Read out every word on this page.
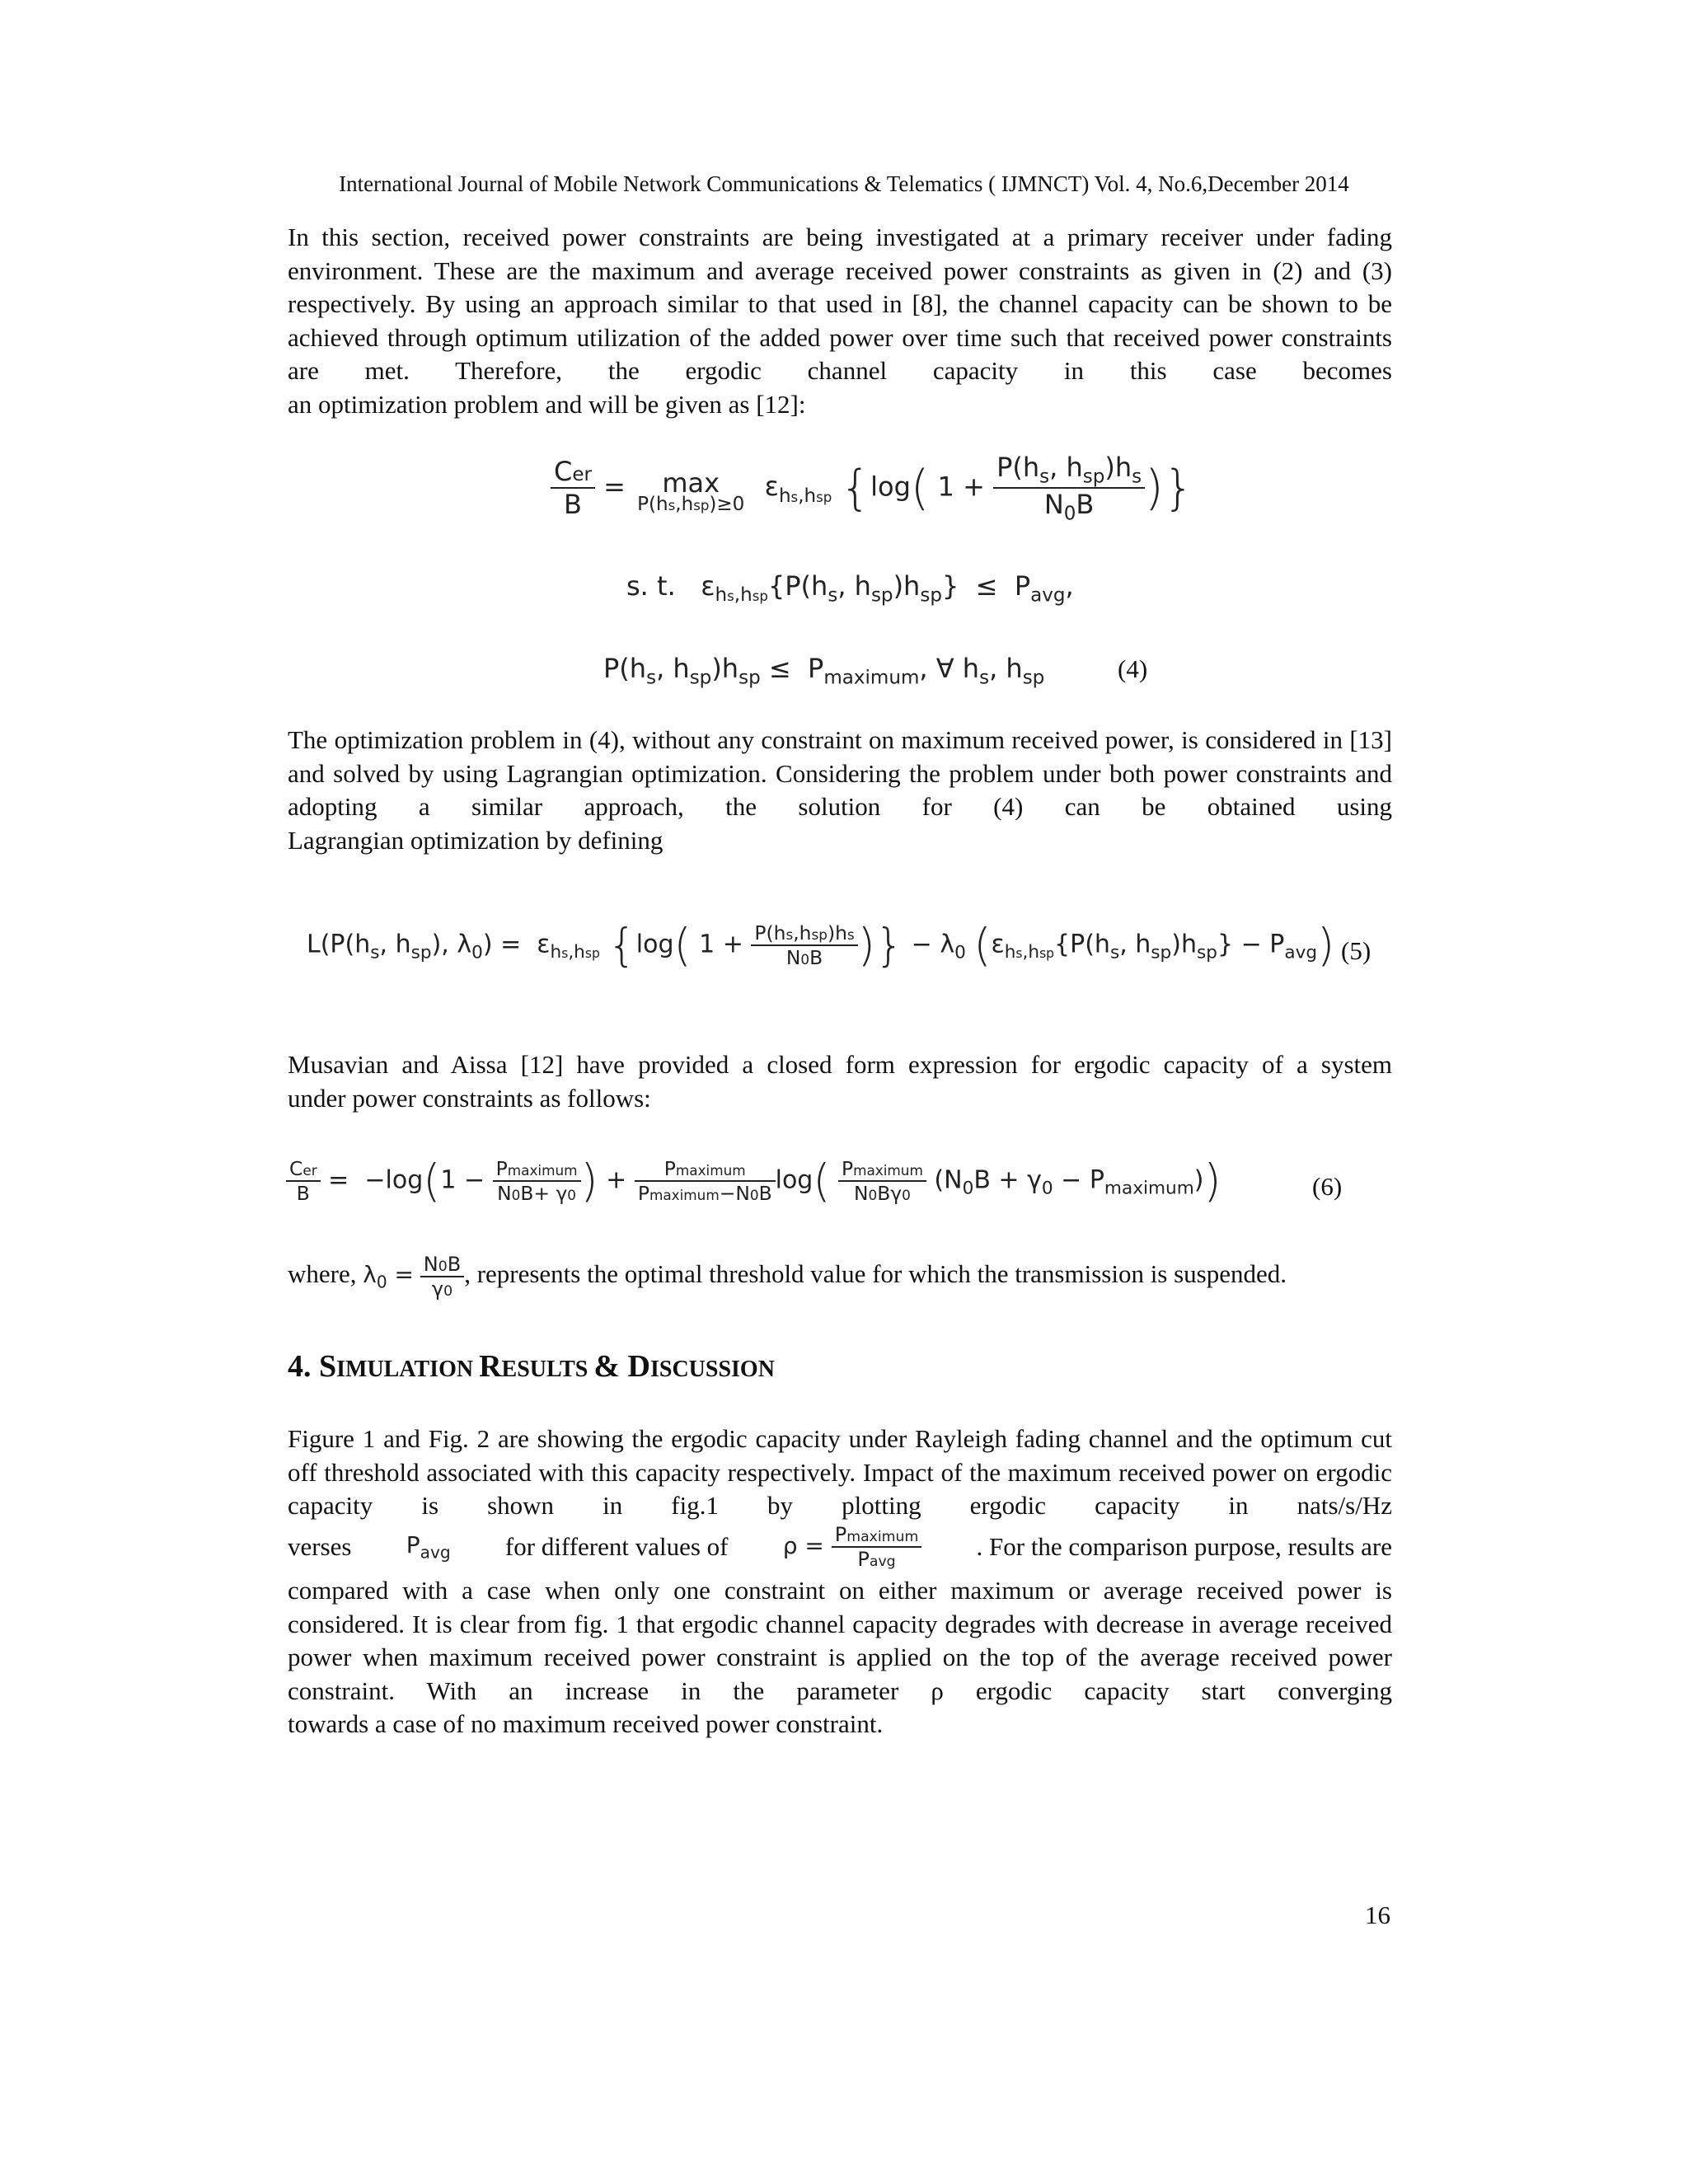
International Journal of Mobile Network Communications & Telematics ( IJMNCT) Vol. 4, No.6,December 2014

In this section, received power constraints are being investigated at a primary receiver under fading environment. These are the maximum and average received power constraints as given in (2) and (3) respectively. By using an approach similar to that used in [8], the channel capacity can be shown to be achieved through optimum utilization of the added power over time such that received power constraints are met. Therefore, the ergodic channel capacity in this case becomes
an optimization problem and will be given as [12]:

$\frac{\text{Cer}}{B}$ =	max
P(hs,hsp)≥0
$\varepsilon_{hs,hsp}$ {log( $1 + \frac{P(h_s, h_{sp})h_s}{N_0B}$ )}
s. t.   $\varepsilon_{hs,hsp}\{P(h_s$, $h_{sp})h_{sp}\} \le P_{avg}$,
$P(h_s$, $h_{sp})h_{sp} \le P_{maximum}$, ∀ $h_s$, $h_{sp}$	(4)

The optimization problem in (4), without any constraint on maximum received power, is considered in [13] and solved by using Lagrangian optimization. Considering the problem under both power constraints and adopting a similar approach, the solution for (4) can be obtained using
Lagrangian optimization by defining

$L(P(h_s$, $h_{sp}$), $\lambda_0) = \varepsilon_{hs,hsp}$ {log( $1 + \frac{\text{P(hs,hsp)hs}}{N0B}$ )} − $\lambda_0$ ($\varepsilon_{hs,hsp}\{P(h_s$, $h_{sp})h_{sp}\} - P_{avg}$) (5)

Musavian and Aissa [12] have provided a closed form expression for ergodic capacity of a system
under power constraints as follows:

$\frac{\text{Cer}}{B} = -\log(1 - \frac{\text{Pmaximum}}{N0B+ \gamma 0}$ ) + $\frac{\text{Pmaximum}}{\text{Pmaximum−N0B}} \log( \frac{\text{Pmaximum}}{N0B\gamma 0} (N_0B + \gamma_0 - P_{maximum}))$	(6)
where, $\lambda_0 = \frac{N0B}{\gamma 0}$ , represents the optimal threshold value for which the transmission is suspended.
4. SIMULATION RESULTS & DISCUSSION

Figure 1 and Fig. 2 are showing the ergodic capacity under Rayleigh fading channel and the optimum cut off threshold associated with this capacity respectively. Impact of the maximum received power on ergodic capacity is shown in fig.1 by plotting ergodic capacity in nats/s/Hz

verses $P_{avg}$ for different values of $\rho = \frac{\text{Pmaximum}}{\text{Pavg}}$ . For the comparison purpose, results are

compared with a case when only one constraint on either maximum or average received power is considered. It is clear from fig. 1 that ergodic channel capacity degrades with decrease in average received power when maximum received power constraint is applied on the top of the average received power constraint. With an increase in the parameter ρ ergodic capacity start converging
towards a case of no maximum received power constraint.

16
